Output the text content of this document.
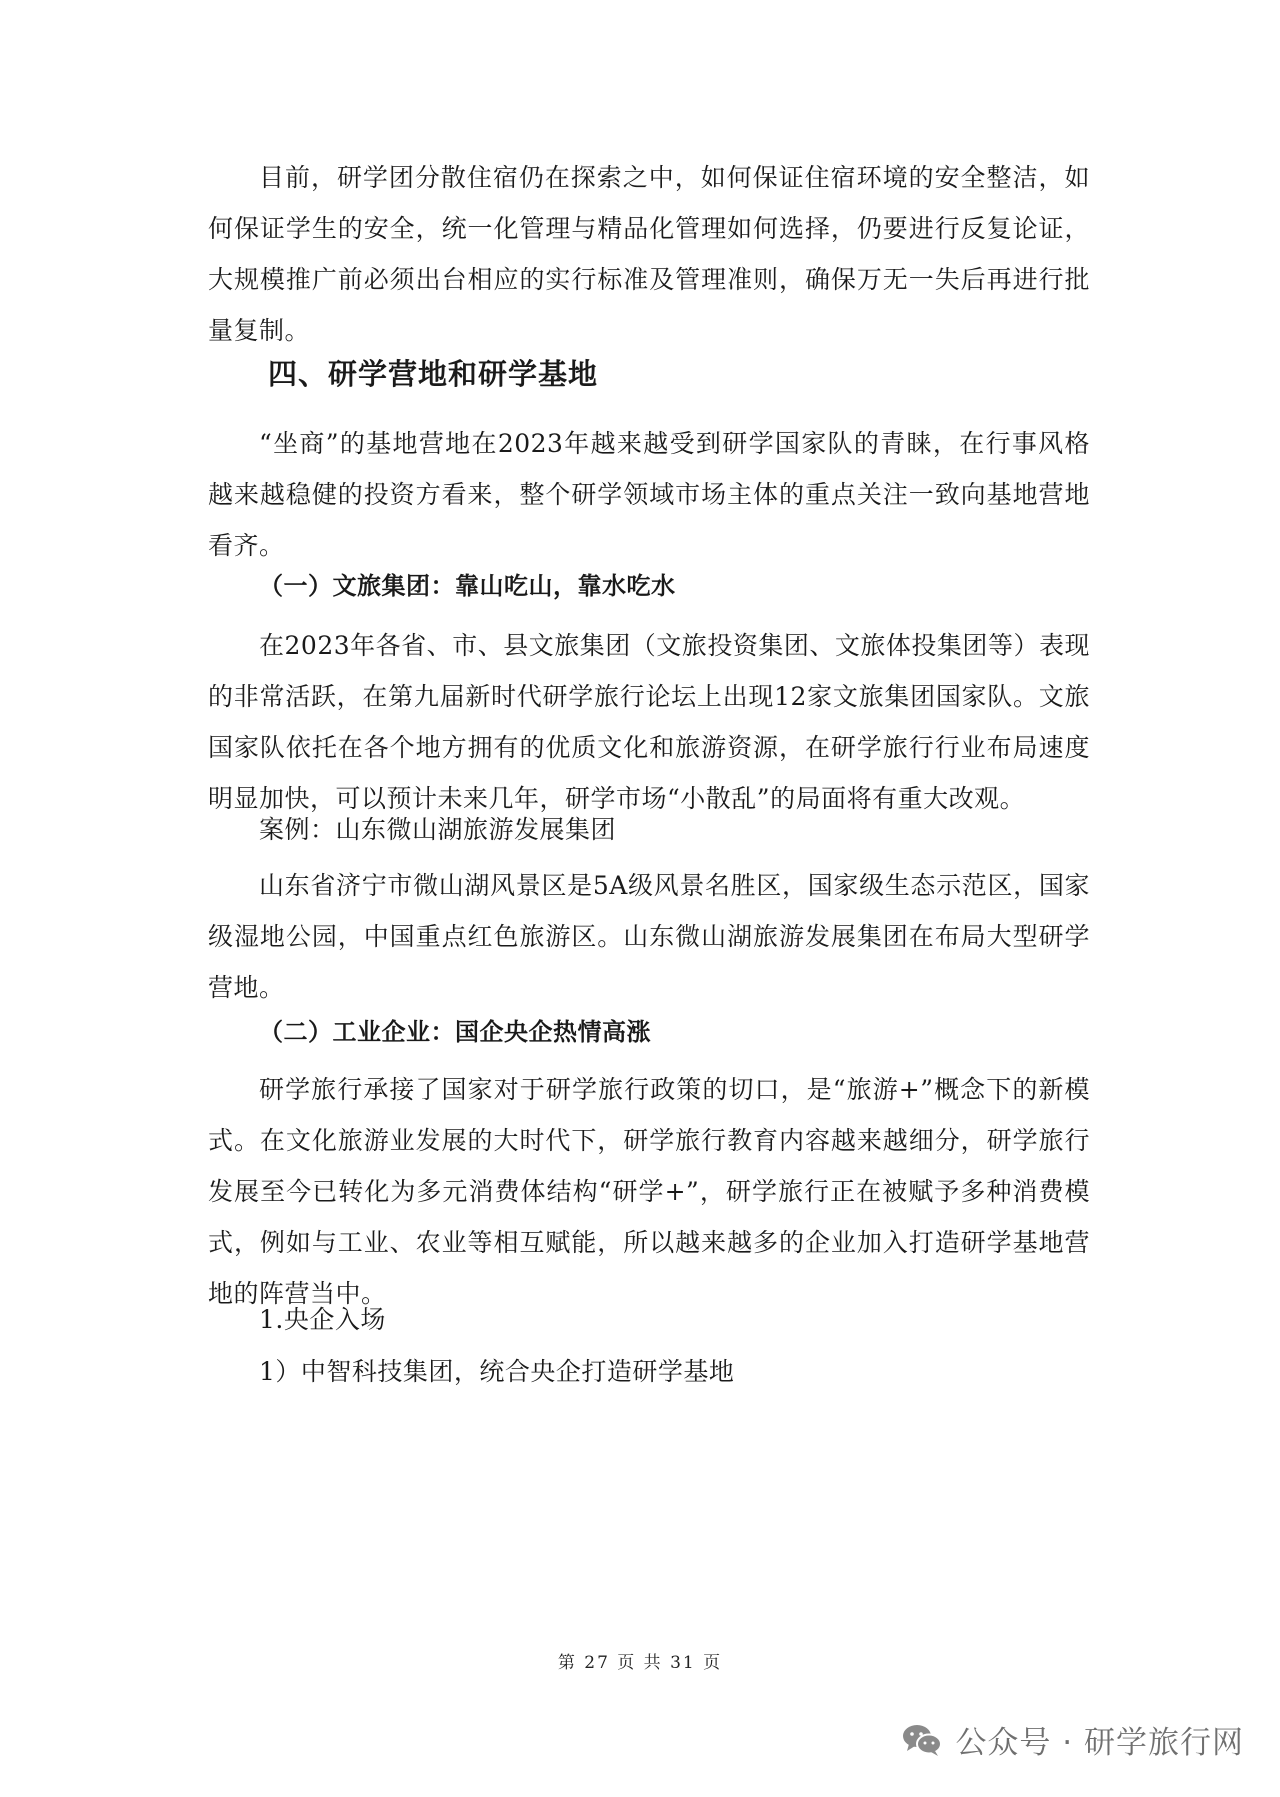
目前，研学团分散住宿仍在探索之中，如何保证住宿环境的安全整洁，如何保证学生的安全，统一化管理与精品化管理如何选择，仍要进行反复论证，大规模推广前必须出台相应的实行标准及管理准则，确保万无一失后再进行批量复制。

四、研学营地和研学基地

“坐商”的基地营地在2023年越来越受到研学国家队的青睐，在行事风格越来越稳健的投资方看来，整个研学领域市场主体的重点关注一致向基地营地看齐。

（一）文旅集团：靠山吃山，靠水吃水

在2023年各省、市、县文旅集团（文旅投资集团、文旅体投集团等）表现的非常活跃，在第九届新时代研学旅行论坛上出现12家文旅集团国家队。文旅国家队依托在各个地方拥有的优质文化和旅游资源，在研学旅行行业布局速度明显加快，可以预计未来几年，研学市场“小散乱”的局面将有重大改观。

案例：山东微山湖旅游发展集团

山东省济宁市微山湖风景区是5A级风景名胜区，国家级生态示范区，国家级湿地公园，中国重点红色旅游区。山东微山湖旅游发展集团在布局大型研学营地。

（二）工业企业：国企央企热情高涨

研学旅行承接了国家对于研学旅行政策的切口，是“旅游+”概念下的新模式。在文化旅游业发展的大时代下，研学旅行教育内容越来越细分，研学旅行发展至今已转化为多元消费体结构“研学+”，研学旅行正在被赋予多种消费模式，例如与工业、农业等相互赋能，所以越来越多的企业加入打造研学基地营地的阵营当中。

1.央企入场

1）中智科技集团，统合央企打造研学基地

第 27 页 共 31 页
公众号 · 研学旅行网
